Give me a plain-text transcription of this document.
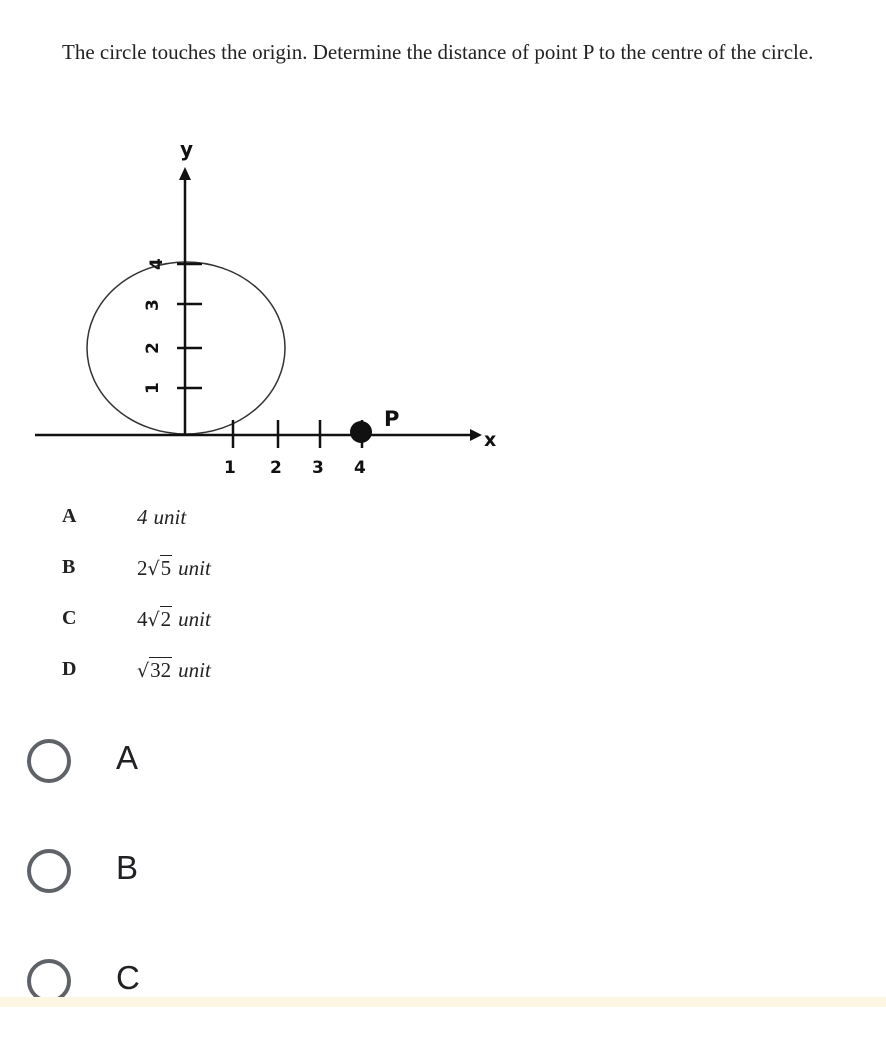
The circle touches the origin. Determine the distance of point P to the centre of the circle.
y
x
P
1 2 3 4
1
2
3
4
A	4 unit
B	2√5 unit
C	4√2 unit
D	√32 unit
A
B
C
